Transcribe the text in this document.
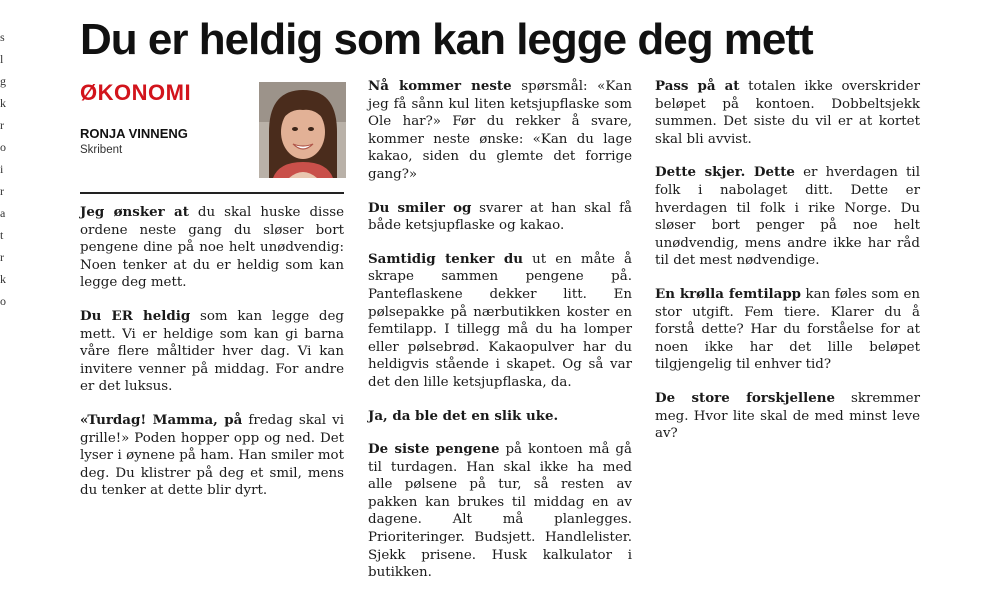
s
l
g
k
r
o
i
r
a
t
r
k
o
Du er heldig som kan legge deg mett
ØKONOMI
RONJA VINNENG
Skribent

Jeg ønsker at du skal huske disse ordene neste gang du sløser bort pengene dine på noe helt unødvendig: Noen tenker at du er heldig som kan legge deg mett.

Du ER heldig som kan legge deg mett. Vi er heldige som kan gi barna våre flere måltider hver dag. Vi kan invitere venner på middag. For andre er det luksus.

«Turdag! Mamma, på fredag skal vi grille!» Poden hopper opp og ned. Det lyser i øynene på ham. Han smiler mot deg. Du klistrer på deg et smil, mens du tenker at dette blir dyrt.

Nå kommer neste spørsmål: «Kan jeg få sånn kul liten ketsjupflaske som Ole har?» Før du rekker å svare, kommer neste ønske: «Kan du lage kakao, siden du glemte det forrige gang?»

Du smiler og svarer at han skal få både ketsjupflaske og kakao.

Samtidig tenker du ut en måte å skrape sammen pengene på. Panteflaskene dekker litt. En pølsepakke på nærbutikken koster en femtilapp. I tillegg må du ha lomper eller pølsebrød. Kakaopulver har du heldigvis stående i skapet. Og så var det den lille ketsjupflaska, da.

Ja, da ble det en slik uke.

De siste pengene på kontoen må gå til turdagen. Han skal ikke ha med alle pølsene på tur, så resten av pakken kan brukes til middag en av dagene. Alt må planlegges. Prioriteringer. Budsjett. Handlelister. Sjekk prisene. Husk kalkulator i butikken.

Pass på at totalen ikke overskrider beløpet på kontoen. Dobbeltsjekk summen. Det siste du vil er at kortet skal bli avvist.

Dette skjer. Dette er hverdagen til folk i nabolaget ditt. Dette er hverdagen til folk i rike Norge. Du sløser bort penger på noe helt unødvendig, mens andre ikke har råd til det mest nødvendige.

En krølla femtilapp kan føles som en stor utgift. Fem tiere. Klarer du å forstå dette? Har du forståelse for at noen ikke har det lille beløpet tilgjengelig til enhver tid?

De store forskjellene skremmer meg. Hvor lite skal de med minst leve av?
